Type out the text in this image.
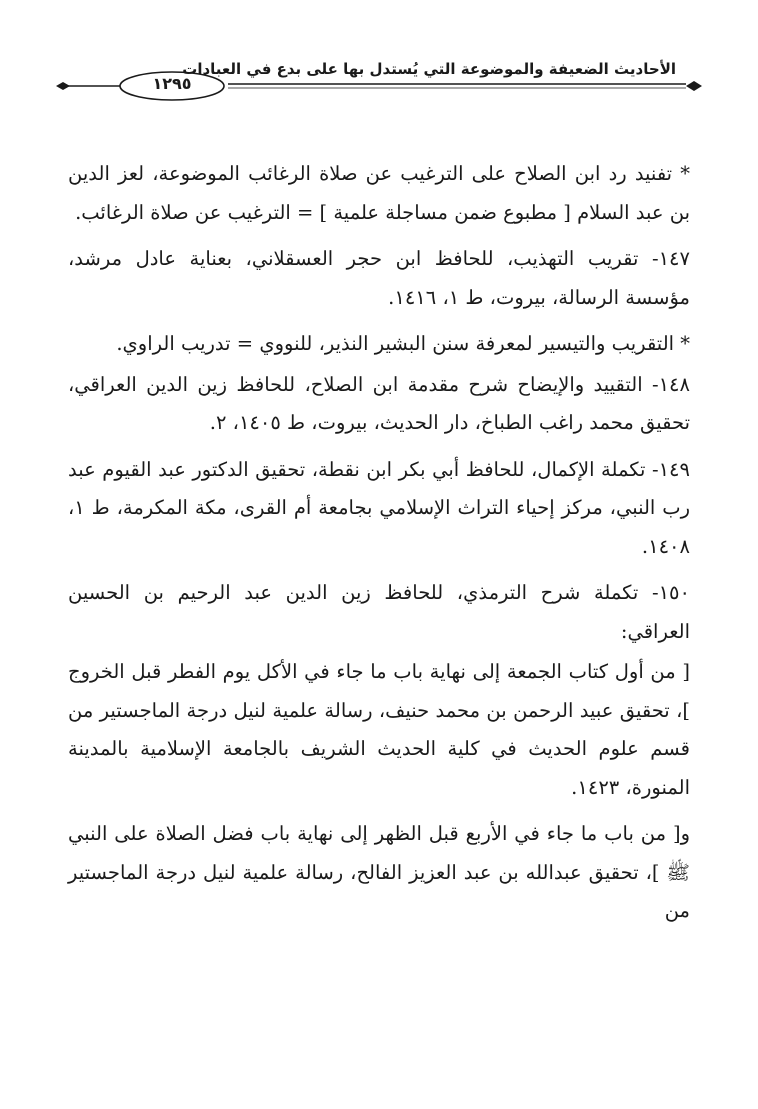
الأحاديث الضعيفة والموضوعة التي يُستدل بها على بدع في العبادات
١٢٩٥

* تفنيد رد ابن الصلاح على الترغيب عن صلاة الرغائب الموضوعة، لعز الدين بن عبد السلام [ مطبوع ضمن مساجلة علمية ] = الترغيب عن صلاة الرغائب.

١٤٧- تقريب التهذيب، للحافظ ابن حجر العسقلاني، بعناية عادل مرشد، مؤسسة الرسالة، بيروت، ط ١، ١٤١٦.

* التقريب والتيسير لمعرفة سنن البشير النذير، للنووي = تدريب الراوي.

١٤٨- التقييد والإيضاح شرح مقدمة ابن الصلاح، للحافظ زين الدين العراقي، تحقيق محمد راغب الطباخ، دار الحديث، بيروت، ط ١٤٠٥، ٢.

١٤٩- تكملة الإكمال، للحافظ أبي بكر ابن نقطة، تحقيق الدكتور عبد القيوم عبد رب النبي، مركز إحياء التراث الإسلامي بجامعة أم القرى، مكة المكرمة، ط ١، ١٤٠٨.

١٥٠- تكملة شرح الترمذي، للحافظ زين الدين عبد الرحيم بن الحسين العراقي:

[ من أول كتاب الجمعة إلى نهاية باب ما جاء في الأكل يوم الفطر قبل الخروج ]، تحقيق عبيد الرحمن بن محمد حنيف، رسالة علمية لنيل درجة الماجستير من قسم علوم الحديث في كلية الحديث الشريف بالجامعة الإسلامية بالمدينة المنورة، ١٤٢٣.

و[ من باب ما جاء في الأربع قبل الظهر إلى نهاية باب فضل الصلاة على النبي ﷺ ]، تحقيق عبدالله بن عبد العزيز الفالح، رسالة علمية لنيل درجة الماجستير من
